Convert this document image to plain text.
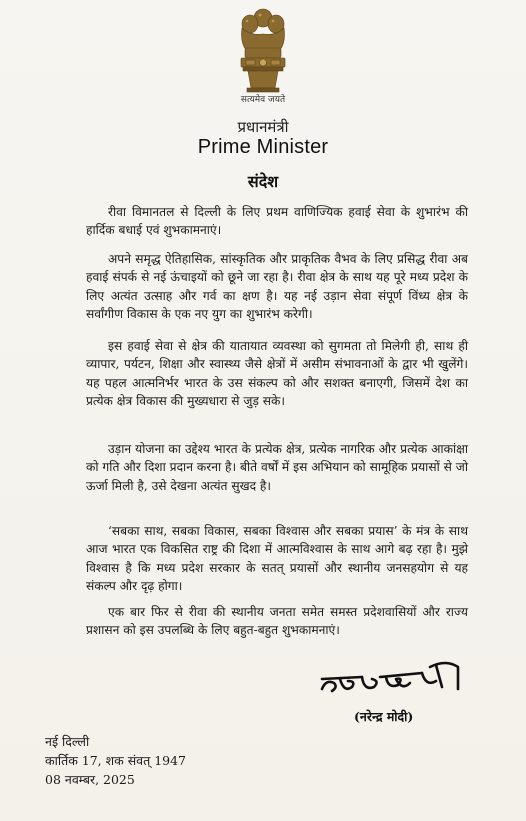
सत्यमेव जयते
प्रधानमंत्री
Prime Minister
संदेश

रीवा विमानतल से दिल्ली के लिए प्रथम वाणिज्यिक हवाई सेवा के शुभारंभ की हार्दिक बधाई एवं शुभकामनाएं।

अपने समृद्ध ऐतिहासिक, सांस्कृतिक और प्राकृतिक वैभव के लिए प्रसिद्ध रीवा अब हवाई संपर्क से नई ऊंचाइयों को छूने जा रहा है। रीवा क्षेत्र के साथ यह पूरे मध्य प्रदेश के लिए अत्यंत उत्साह और गर्व का क्षण है। यह नई उड़ान सेवा संपूर्ण विंध्य क्षेत्र के सर्वांगीण विकास के एक नए युग का शुभारंभ करेगी।

इस हवाई सेवा से क्षेत्र की यातायात व्यवस्था को सुगमता तो मिलेगी ही, साथ ही व्यापार, पर्यटन, शिक्षा और स्वास्थ्य जैसे क्षेत्रों में असीम संभावनाओं के द्वार भी खुलेंगे। यह पहल आत्मनिर्भर भारत के उस संकल्प को और सशक्त बनाएगी, जिसमें देश का प्रत्येक क्षेत्र विकास की मुख्यधारा से जुड़ सके।

उड़ान योजना का उद्देश्य भारत के प्रत्येक क्षेत्र, प्रत्येक नागरिक और प्रत्येक आकांक्षा को गति और दिशा प्रदान करना है। बीते वर्षों में इस अभियान को सामूहिक प्रयासों से जो ऊर्जा मिली है, उसे देखना अत्यंत सुखद है।

‘सबका साथ, सबका विकास, सबका विश्वास और सबका प्रयास’ के मंत्र के साथ आज भारत एक विकसित राष्ट्र की दिशा में आत्मविश्वास के साथ आगे बढ़ रहा है। मुझे विश्वास है कि मध्य प्रदेश सरकार के सतत् प्रयासों और स्थानीय जनसहयोग से यह संकल्प और दृढ़ होगा।

एक बार फिर से रीवा की स्थानीय जनता समेत समस्त प्रदेशवासियों और राज्य प्रशासन को इस उपलब्धि के लिए बहुत-बहुत शुभकामनाएं।

(नरेन्द्र मोदी)
नई दिल्ली
कार्तिक 17, शक संवत् 1947
08 नवम्बर, 2025
